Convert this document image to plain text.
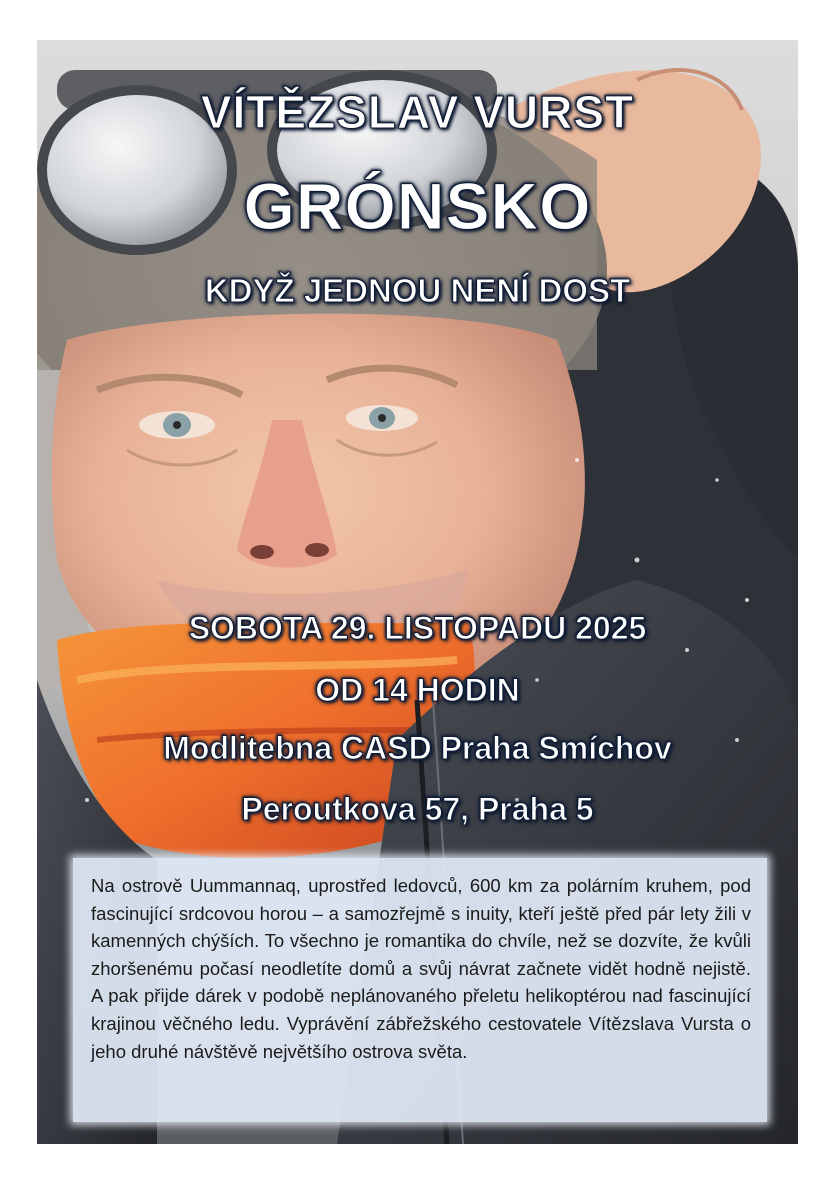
VÍTĚZSLAV VURST
GRÓNSKO
KDYŽ JEDNOU NENÍ DOST
SOBOTA 29. LISTOPADU 2025
OD 14 HODIN
Modlitebna CASD Praha Smíchov
Peroutkova 57, Praha 5

Na ostrově Uummannaq, uprostřed ledovců, 600 km za polárním kruhem, pod fascinující srdcovou horou – a samozřejmě s inuity, kteří ještě před pár lety žili v kamenných chýších. To všechno je romantika do chvíle, než se dozvíte, že kvůli zhoršenému počasí neodletíte domů a svůj návrat začnete vidět hodně nejistě. A pak přijde dárek v podobě neplánovaného přeletu helikoptérou nad fascinující krajinou věčného ledu. Vyprávění zábřežského cestovatele Vítězslava Vursta o jeho druhé návštěvě největšího ostrova světa.
